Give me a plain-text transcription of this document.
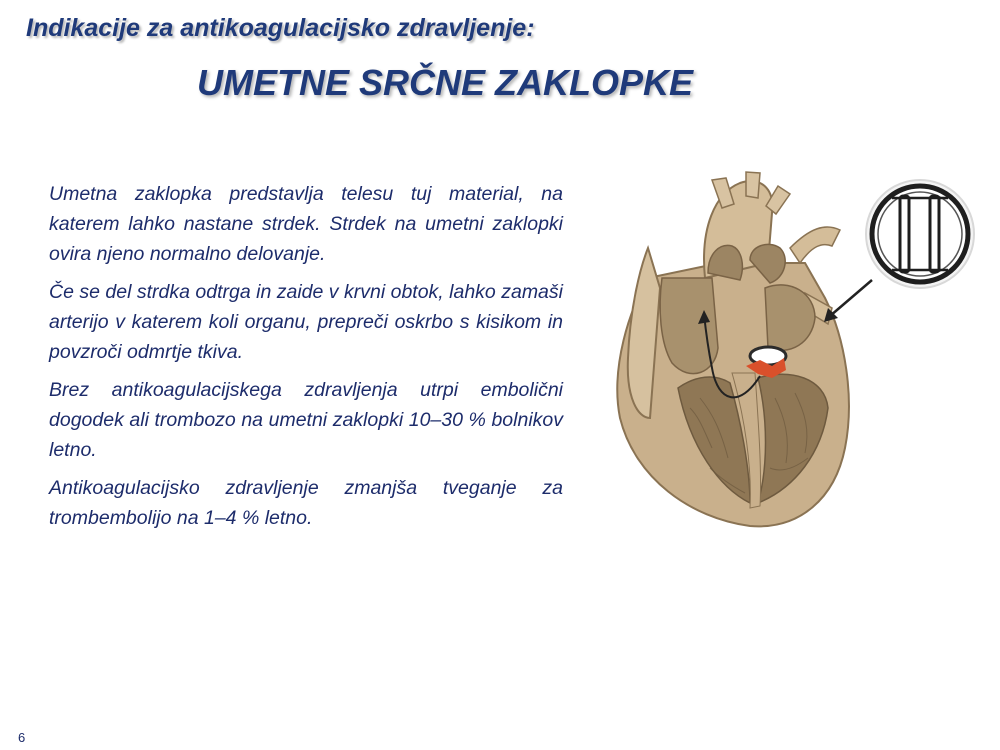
Indikacije za antikoagulacijsko zdravljenje:
UMETNE SRČNE ZAKLOPKE

Umetna zaklopka predstavlja telesu tuj material, na katerem lahko nastane strdek. Strdek na umetni zaklopki ovira njeno normalno delovanje.

Če se del strdka odtrga in zaide v krvni obtok, lahko zamaši arterijo v katerem koli organu, prepreči oskrbo s kisikom in povzroči odmrtje tkiva.

Brez antikoagulacijskega zdravljenja utrpi embolični dogodek ali trombozo na umetni zaklopki 10–30 % bolnikov letno.

Antikoagulacijsko zdravljenje zmanjša tveganje za trombembolijo na 1–4 % letno.

6
